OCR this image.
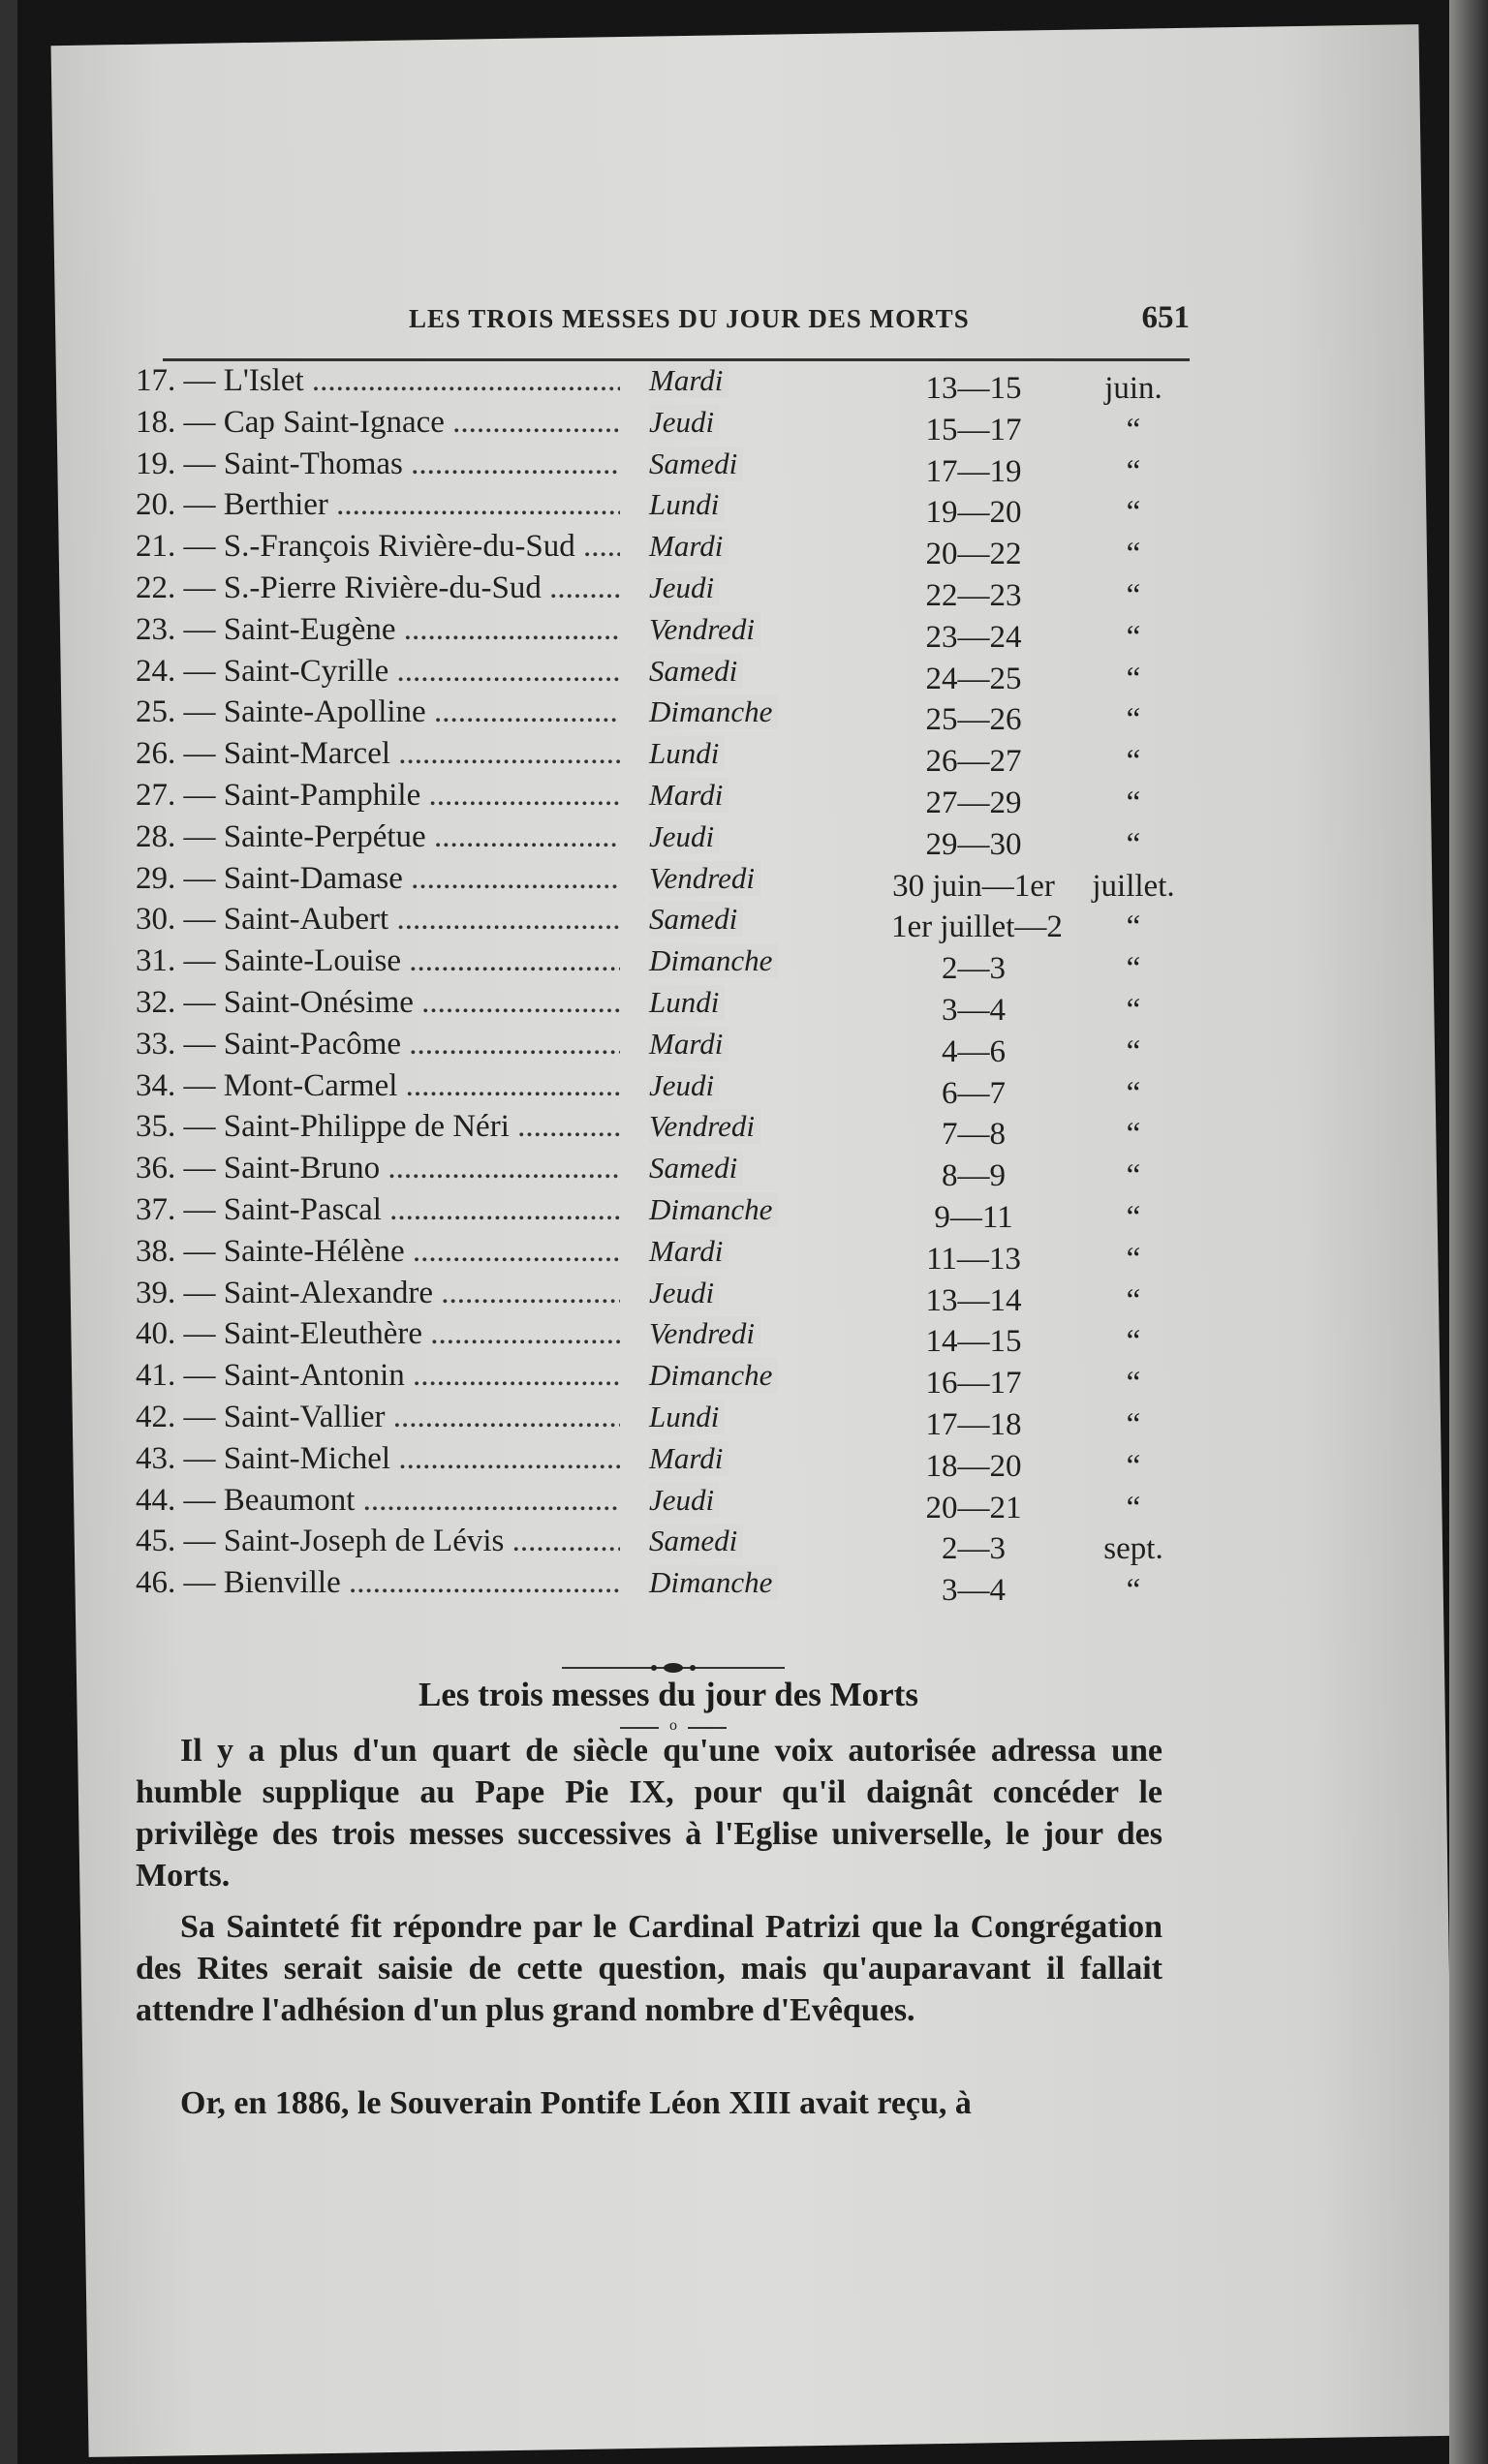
LES TROIS MESSES DU JOUR DES MORTS	651
17. — L'Islet .....	Mardi	13—15	juin.
18. — Cap Saint-Ignace .....	Jeudi	15—17	“
19. — Saint-Thomas .....	Samedi	17—19	“
20. — Berthier .....	Lundi	19—20	“
21. — S.-François Rivière-du-Sud .....	Mardi	20—22	“
22. — S.-Pierre Rivière-du-Sud .....	Jeudi	22—23	“
23. — Saint-Eugène .....	Vendredi	23—24	“
24. — Saint-Cyrille .....	Samedi	24—25	“
25. — Sainte-Apolline .....	Dimanche	25—26	“
26. — Saint-Marcel .....	Lundi	26—27	“
27. — Saint-Pamphile .....	Mardi	27—29	“
28. — Sainte-Perpétue .....	Jeudi	29—30	“
29. — Saint-Damase .....	Vendredi	30 juin—1er	juillet.
30. — Saint-Aubert .....	Samedi	1er juillet—2	“
31. — Sainte-Louise .....	Dimanche	2—3	“
32. — Saint-Onésime .....	Lundi	3—4	“
33. — Saint-Pacôme .....	Mardi	4—6	“
34. — Mont-Carmel .....	Jeudi	6—7	“
35. — Saint-Philippe de Néri .....	Vendredi	7—8	“
36. — Saint-Bruno .....	Samedi	8—9	“
37. — Saint-Pascal .....	Dimanche	9—11	“
38. — Sainte-Hélène .....	Mardi	11—13	“
39. — Saint-Alexandre .....	Jeudi	13—14	“
40. — Saint-Eleuthère .....	Vendredi	14—15	“
41. — Saint-Antonin .....	Dimanche	16—17	“
42. — Saint-Vallier .....	Lundi	17—18	“
43. — Saint-Michel .....	Mardi	18—20	“
44. — Beaumont .....	Jeudi	20—21	“
45. — Saint-Joseph de Lévis .....	Samedi	2—3	sept.
46. — Bienville .....	Dimanche	3—4	“
Les trois messes du jour des Morts
o

Il y a plus d'un quart de siècle qu'une voix autorisée adressa une humble supplique au Pape Pie IX, pour qu'il daignât concéder le privilège des trois messes successives à l'Eglise universelle, le jour des Morts.

Sa Sainteté fit répondre par le Cardinal Patrizi que la Congrégation des Rites serait saisie de cette question, mais qu'auparavant il fallait attendre l'adhésion d'un plus grand nombre d'Evêques.

Or, en 1886, le Souverain Pontife Léon XIII avait reçu, à
